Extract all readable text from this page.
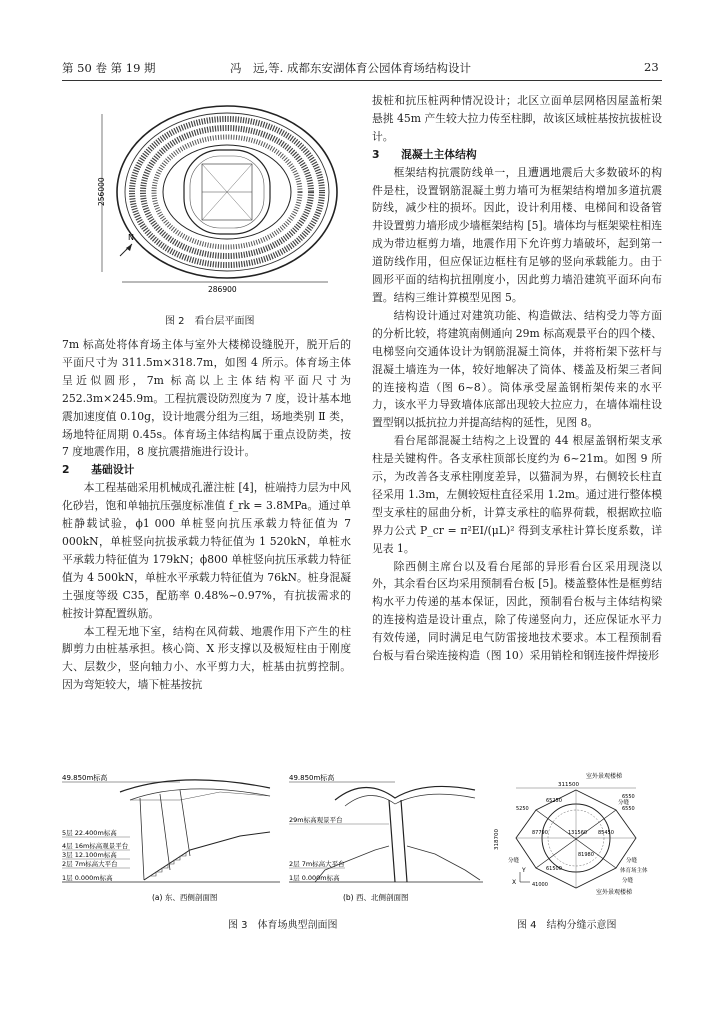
第 50 卷 第 19 期	冯　远,等. 成都东安湖体育公园体育场结构设计	23
256000
286900
N
图 2　看台层平面图

7m 标高处将体育场主体与室外大楼梯设缝脱开，脱开后的平面尺寸为 311.5m×318.7m，如图 4 所示。体育场主体呈近似圆形，7m 标高以上主体结构平面尺寸为 252.3m×245.9m。工程抗震设防烈度为 7 度，设计基本地震加速度值 0.10g，设计地震分组为三组，场地类别 Ⅱ 类，场地特征周期 0.45s。体育场主体结构属于重点设防类，按 7 度地震作用，8 度抗震措施进行设计。

2　　基础设计

本工程基础采用机械成孔灌注桩 [4]，桩端持力层为中风化砂岩，饱和单轴抗压强度标准值 f_rk = 3.8MPa。通过单桩静载试验，ϕ1 000 单桩竖向抗压承载力特征值为 7 000kN，单桩竖向抗拔承载力特征值为 1 520kN，单桩水平承载力特征值为 179kN；ϕ800 单桩竖向抗压承载力特征值为 4 500kN，单桩水平承载力特征值为 76kN。桩身混凝土强度等级 C35，配筋率 0.48%~0.97%，有抗拔需求的桩按计算配置纵筋。

本工程无地下室，结构在风荷载、地震作用下产生的柱脚剪力由桩基承担。核心筒、X 形支撑以及极短柱由于刚度大、层数少，竖向轴力小、水平剪力大，桩基由抗剪控制。因为弯矩较大，墙下桩基按抗

拔桩和抗压桩两种情况设计；北区立面单层网格因屋盖桁架悬挑 45m 产生较大拉力传至柱脚，故该区域桩基按抗拔桩设计。

3　　混凝土主体结构

框架结构抗震防线单一，且遭遇地震后大多数破坏的构件是柱，设置钢筋混凝土剪力墙可为框架结构增加多道抗震防线，减少柱的损坏。因此，设计利用楼、电梯间和设备管井设置剪力墙形成少墙框架结构 [5]。墙体均与框架梁柱相连成为带边框剪力墙，地震作用下允许剪力墙破坏，起到第一道防线作用，但应保证边框柱有足够的竖向承载能力。由于圆形平面的结构抗扭刚度小，因此剪力墙沿建筑平面环向布置。结构三维计算模型见图 5。

结构设计通过对建筑功能、构造做法、结构受力等方面的分析比较，将建筑南侧通向 29m 标高观景平台的四个楼、电梯竖向交通体设计为钢筋混凝土筒体，并将桁架下弦杆与混凝土墙连为一体，较好地解决了筒体、楼盖及桁架三者间的连接构造（图 6~8）。筒体承受屋盖钢桁架传来的水平力，该水平力导致墙体底部出现较大拉应力，在墙体端柱设置型钢以抵抗拉力并提高结构的延性，见图 8。

看台尾部混凝土结构之上设置的 44 根屋盖钢桁架支承柱是关键构件。各支承柱顶部长度约为 6~21m。如图 9 所示，为改善各支承柱刚度差异，以猫洞为界，右侧较长柱直径采用 1.3m，左侧较短柱直径采用 1.2m。通过进行整体模型支承柱的屈曲分析，计算支承柱的临界荷载，根据欧拉临界力公式 P_cr = π²EI/(μL)² 得到支承柱计算长度系数，详见表 1。

除西侧主席台以及看台尾部的异形看台区采用现浇以外，其余看台区均采用预制看台板 [5]。楼盖整体性是框剪结构水平力传递的基本保证，因此，预制看台板与主体结构梁的连接构造是设计重点，除了传递竖向力，还应保证水平力有效传递，同时满足电气防雷接地技术要求。本工程预制看台板与看台梁连接构造（图 10）采用销栓和钢连接件焊接形

49.850m标高
5层 22.400m标高
4层 16m标高观景平台
3层 12.100m标高
2层 7m标高大平台
1层 0.000m标高
(a) 东、西侧剖面图
49.850m标高
29m标高观景平台
2层 7m标高大平台
1层 0.000m标高
(b) 西、北侧剖面图
图 3　体育场典型剖面图
室外景观楼梯
311500
318700
5250
6550
6550
65250
61500
87790	131560 85450
81980
41000
分缝
分缝	分缝
分缝
体育场主体
室外景观楼梯
X
Y
图 4　结构分缝示意图
